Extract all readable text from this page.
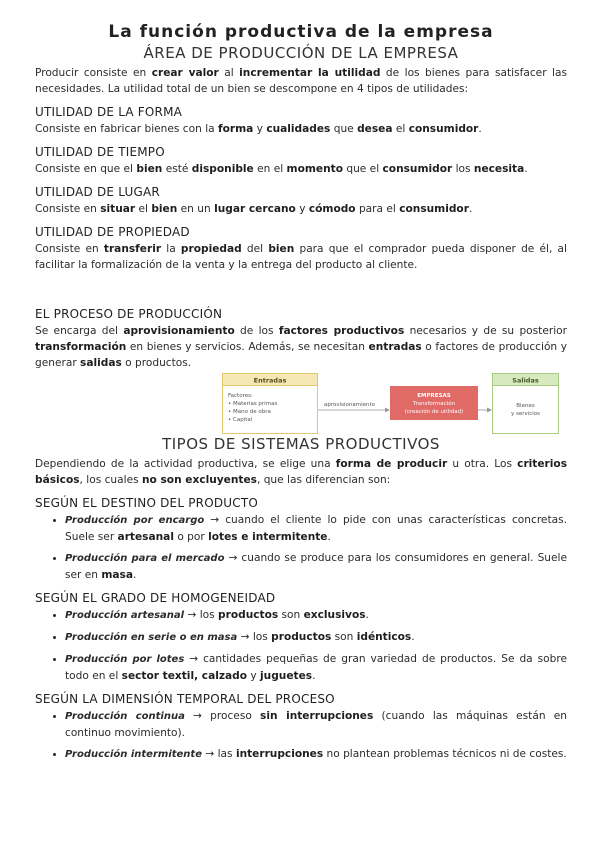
La función productiva de la empresa
ÁREA DE PRODUCCIÓN DE LA EMPRESA

Producir consiste en crear valor al incrementar la utilidad de los bienes para satisfacer las necesidades. La utilidad total de un bien se descompone en 4 tipos de utilidades:

UTILIDAD DE LA FORMA

Consiste en fabricar bienes con la forma y cualidades que desea el consumidor.

UTILIDAD DE TIEMPO

Consiste en que el bien esté disponible en el momento que el consumidor los necesita.

UTILIDAD DE LUGAR

Consiste en situar el bien en un lugar cercano y cómodo para el consumidor.

UTILIDAD DE PROPIEDAD

Consiste en transferir la propiedad del bien para que el comprador pueda disponer de él, al facilitar la formalización de la venta y la entrega del producto al cliente.

EL PROCESO DE PRODUCCIÓN

Se encarga del aprovisionamiento de los factores productivos necesarios y de su posterior transformación en bienes y servicios. Además, se necesitan entradas o factores de producción y generar salidas o productos.

Entradas
Factores:
• Materias primas
• Mano de obra
• Capital
aprovisionamiento
EMPRESAS
Transformación
(creación de utilidad)
Salidas
Bienes
y servicios
TIPOS DE SISTEMAS PRODUCTIVOS

Dependiendo de la actividad productiva, se elige una forma de producir u otra. Los criterios básicos, los cuales no son excluyentes, que las diferencian son:

SEGÚN EL DESTINO DEL PRODUCTO
• Producción por encargo → cuando el cliente lo pide con unas características concretas. Suele ser artesanal o por lotes e intermitente.
• Producción para el mercado → cuando se produce para los consumidores en general. Suele ser en masa.
SEGÚN EL GRADO DE HOMOGENEIDAD
• Producción artesanal → los productos son exclusivos.
• Producción en serie o en masa → los productos son idénticos.
• Producción por lotes → cantidades pequeñas de gran variedad de productos. Se da sobre todo en el sector textil, calzado y juguetes.
SEGÚN LA DIMENSIÓN TEMPORAL DEL PROCESO
• Producción continua → proceso sin interrupciones (cuando las máquinas están en continuo movimiento).
• Producción intermitente → las interrupciones no plantean problemas técnicos ni de costes.
